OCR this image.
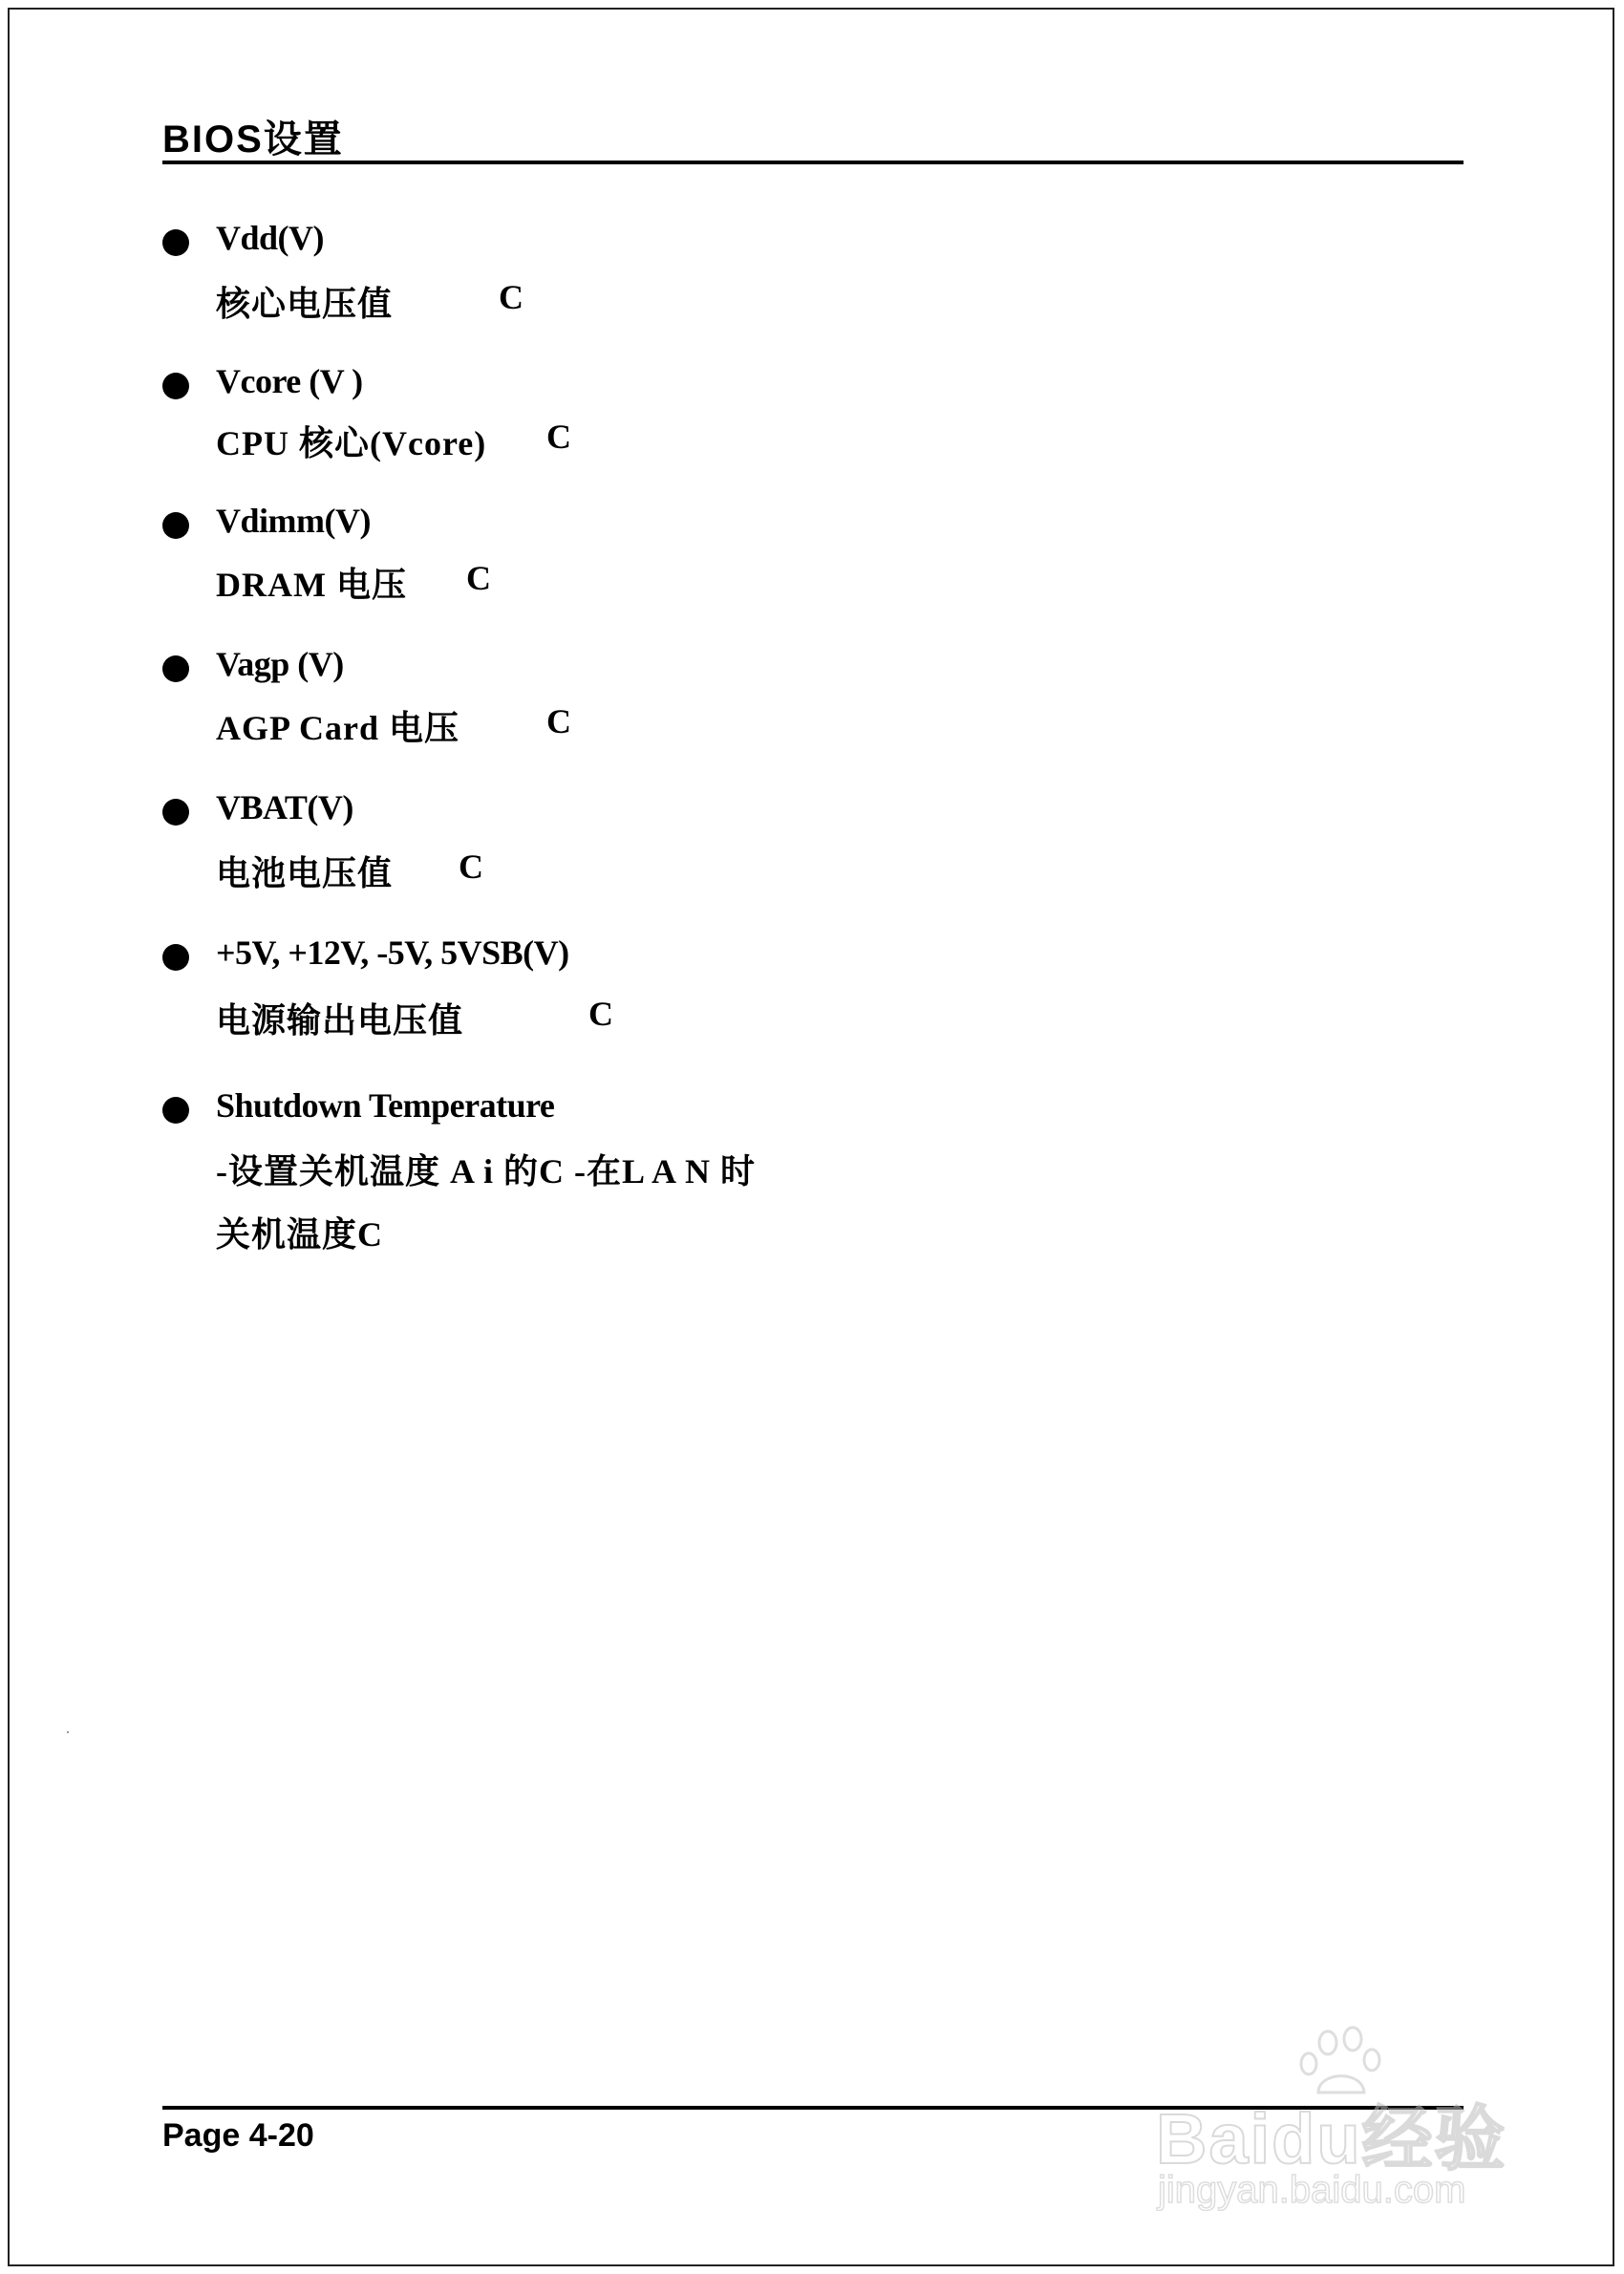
BIOS设置
Vdd(V)
核心电压值	C
Vcore (V )
CPU 核心(Vcore) C
Vdimm(V)
DRAM 电压 C
Vagp (V)
AGP Card 电压	C
VBAT(V)
电池电压值 C
+5V, +12V, -5V, 5VSB(V)
电源输出电压值	C
Shutdown Temperature
-设置关机温度 A i 的C -在L A N 时
关机温度C
Page 4-20	Baidu经验
jingyan.baidu.com
